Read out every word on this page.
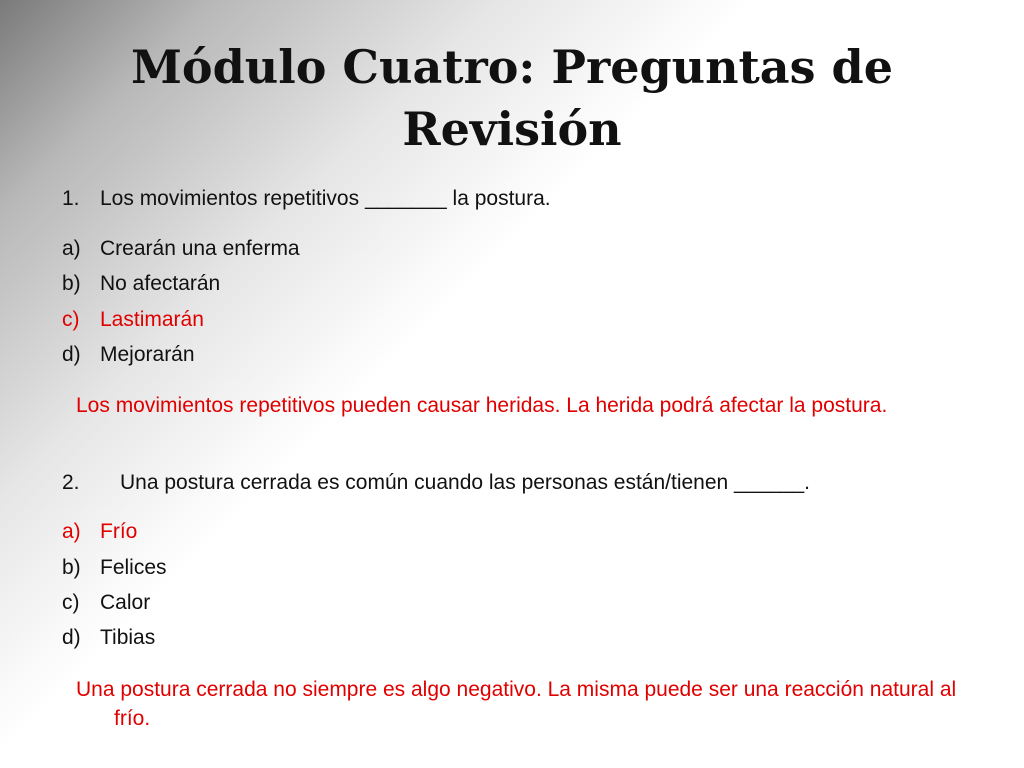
Módulo Cuatro: Preguntas de Revisión
1. Los movimientos repetitivos _______ la postura.
a) Crearán una enferma
b) No afectarán
c) Lastimarán
d) Mejorarán
Los movimientos repetitivos pueden causar heridas. La herida podrá afectar la postura.
2. Una postura cerrada es común cuando las personas están/tienen ______.
a) Frío
b) Felices
c) Calor
d) Tibias
Una postura cerrada no siempre es algo negativo. La misma puede ser una reacción natural al frío.
